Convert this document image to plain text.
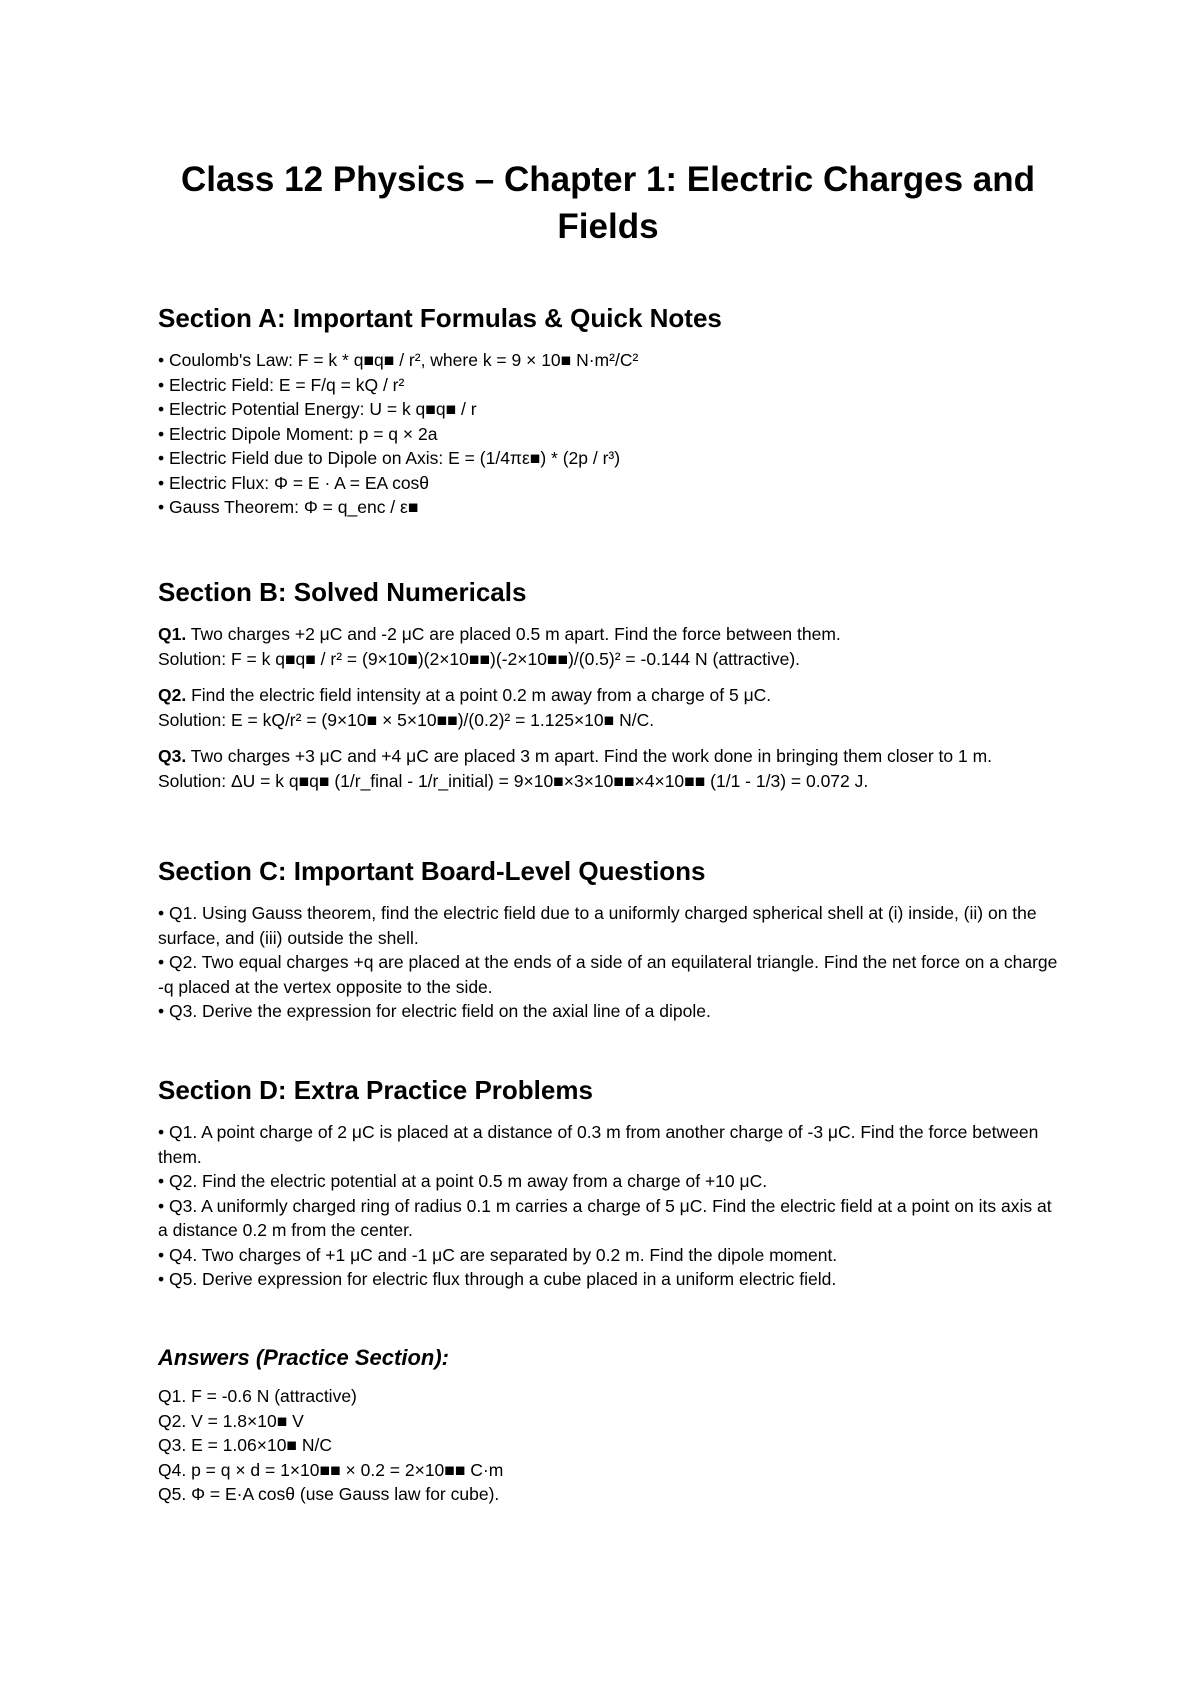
Class 12 Physics – Chapter 1: Electric Charges and Fields
Section A: Important Formulas & Quick Notes
• Coulomb's Law: F = k * q■q■ / r², where k = 9 × 10■ N·m²/C²
• Electric Field: E = F/q = kQ / r²
• Electric Potential Energy: U = k q■q■ / r
• Electric Dipole Moment: p = q × 2a
• Electric Field due to Dipole on Axis: E = (1/4πε■) * (2p / r³)
• Electric Flux: Φ = E · A = EA cosθ
• Gauss Theorem: Φ = q_enc / ε■
Section B: Solved Numericals

Q1. Two charges +2 μC and -2 μC are placed 0.5 m apart. Find the force between them.

Solution: F = k q■q■ / r² = (9×10■)(2×10■■)(-2×10■■)/(0.5)² = -0.144 N (attractive).

Q2. Find the electric field intensity at a point 0.2 m away from a charge of 5 μC.

Solution: E = kQ/r² = (9×10■ × 5×10■■)/(0.2)² = 1.125×10■ N/C.

Q3. Two charges +3 μC and +4 μC are placed 3 m apart. Find the work done in bringing them closer to 1 m.

Solution: ΔU = k q■q■ (1/r_final - 1/r_initial) = 9×10■×3×10■■×4×10■■ (1/1 - 1/3) = 0.072 J.

Section C: Important Board-Level Questions
• Q1. Using Gauss theorem, find the electric field due to a uniformly charged spherical shell at (i) inside, (ii) on the surface, and (iii) outside the shell.
• Q2. Two equal charges +q are placed at the ends of a side of an equilateral triangle. Find the net force on a charge -q placed at the vertex opposite to the side.
• Q3. Derive the expression for electric field on the axial line of a dipole.
Section D: Extra Practice Problems
• Q1. A point charge of 2 μC is placed at a distance of 0.3 m from another charge of -3 μC. Find the force between them.
• Q2. Find the electric potential at a point 0.5 m away from a charge of +10 μC.
• Q3. A uniformly charged ring of radius 0.1 m carries a charge of 5 μC. Find the electric field at a point on its axis at a distance 0.2 m from the center.
• Q4. Two charges of +1 μC and -1 μC are separated by 0.2 m. Find the dipole moment.
• Q5. Derive expression for electric flux through a cube placed in a uniform electric field.
Answers (Practice Section):
Q1. F = -0.6 N (attractive)
Q2. V = 1.8×10■ V
Q3. E = 1.06×10■ N/C
Q4. p = q × d = 1×10■■ × 0.2 = 2×10■■ C·m
Q5. Φ = E·A cosθ (use Gauss law for cube).
